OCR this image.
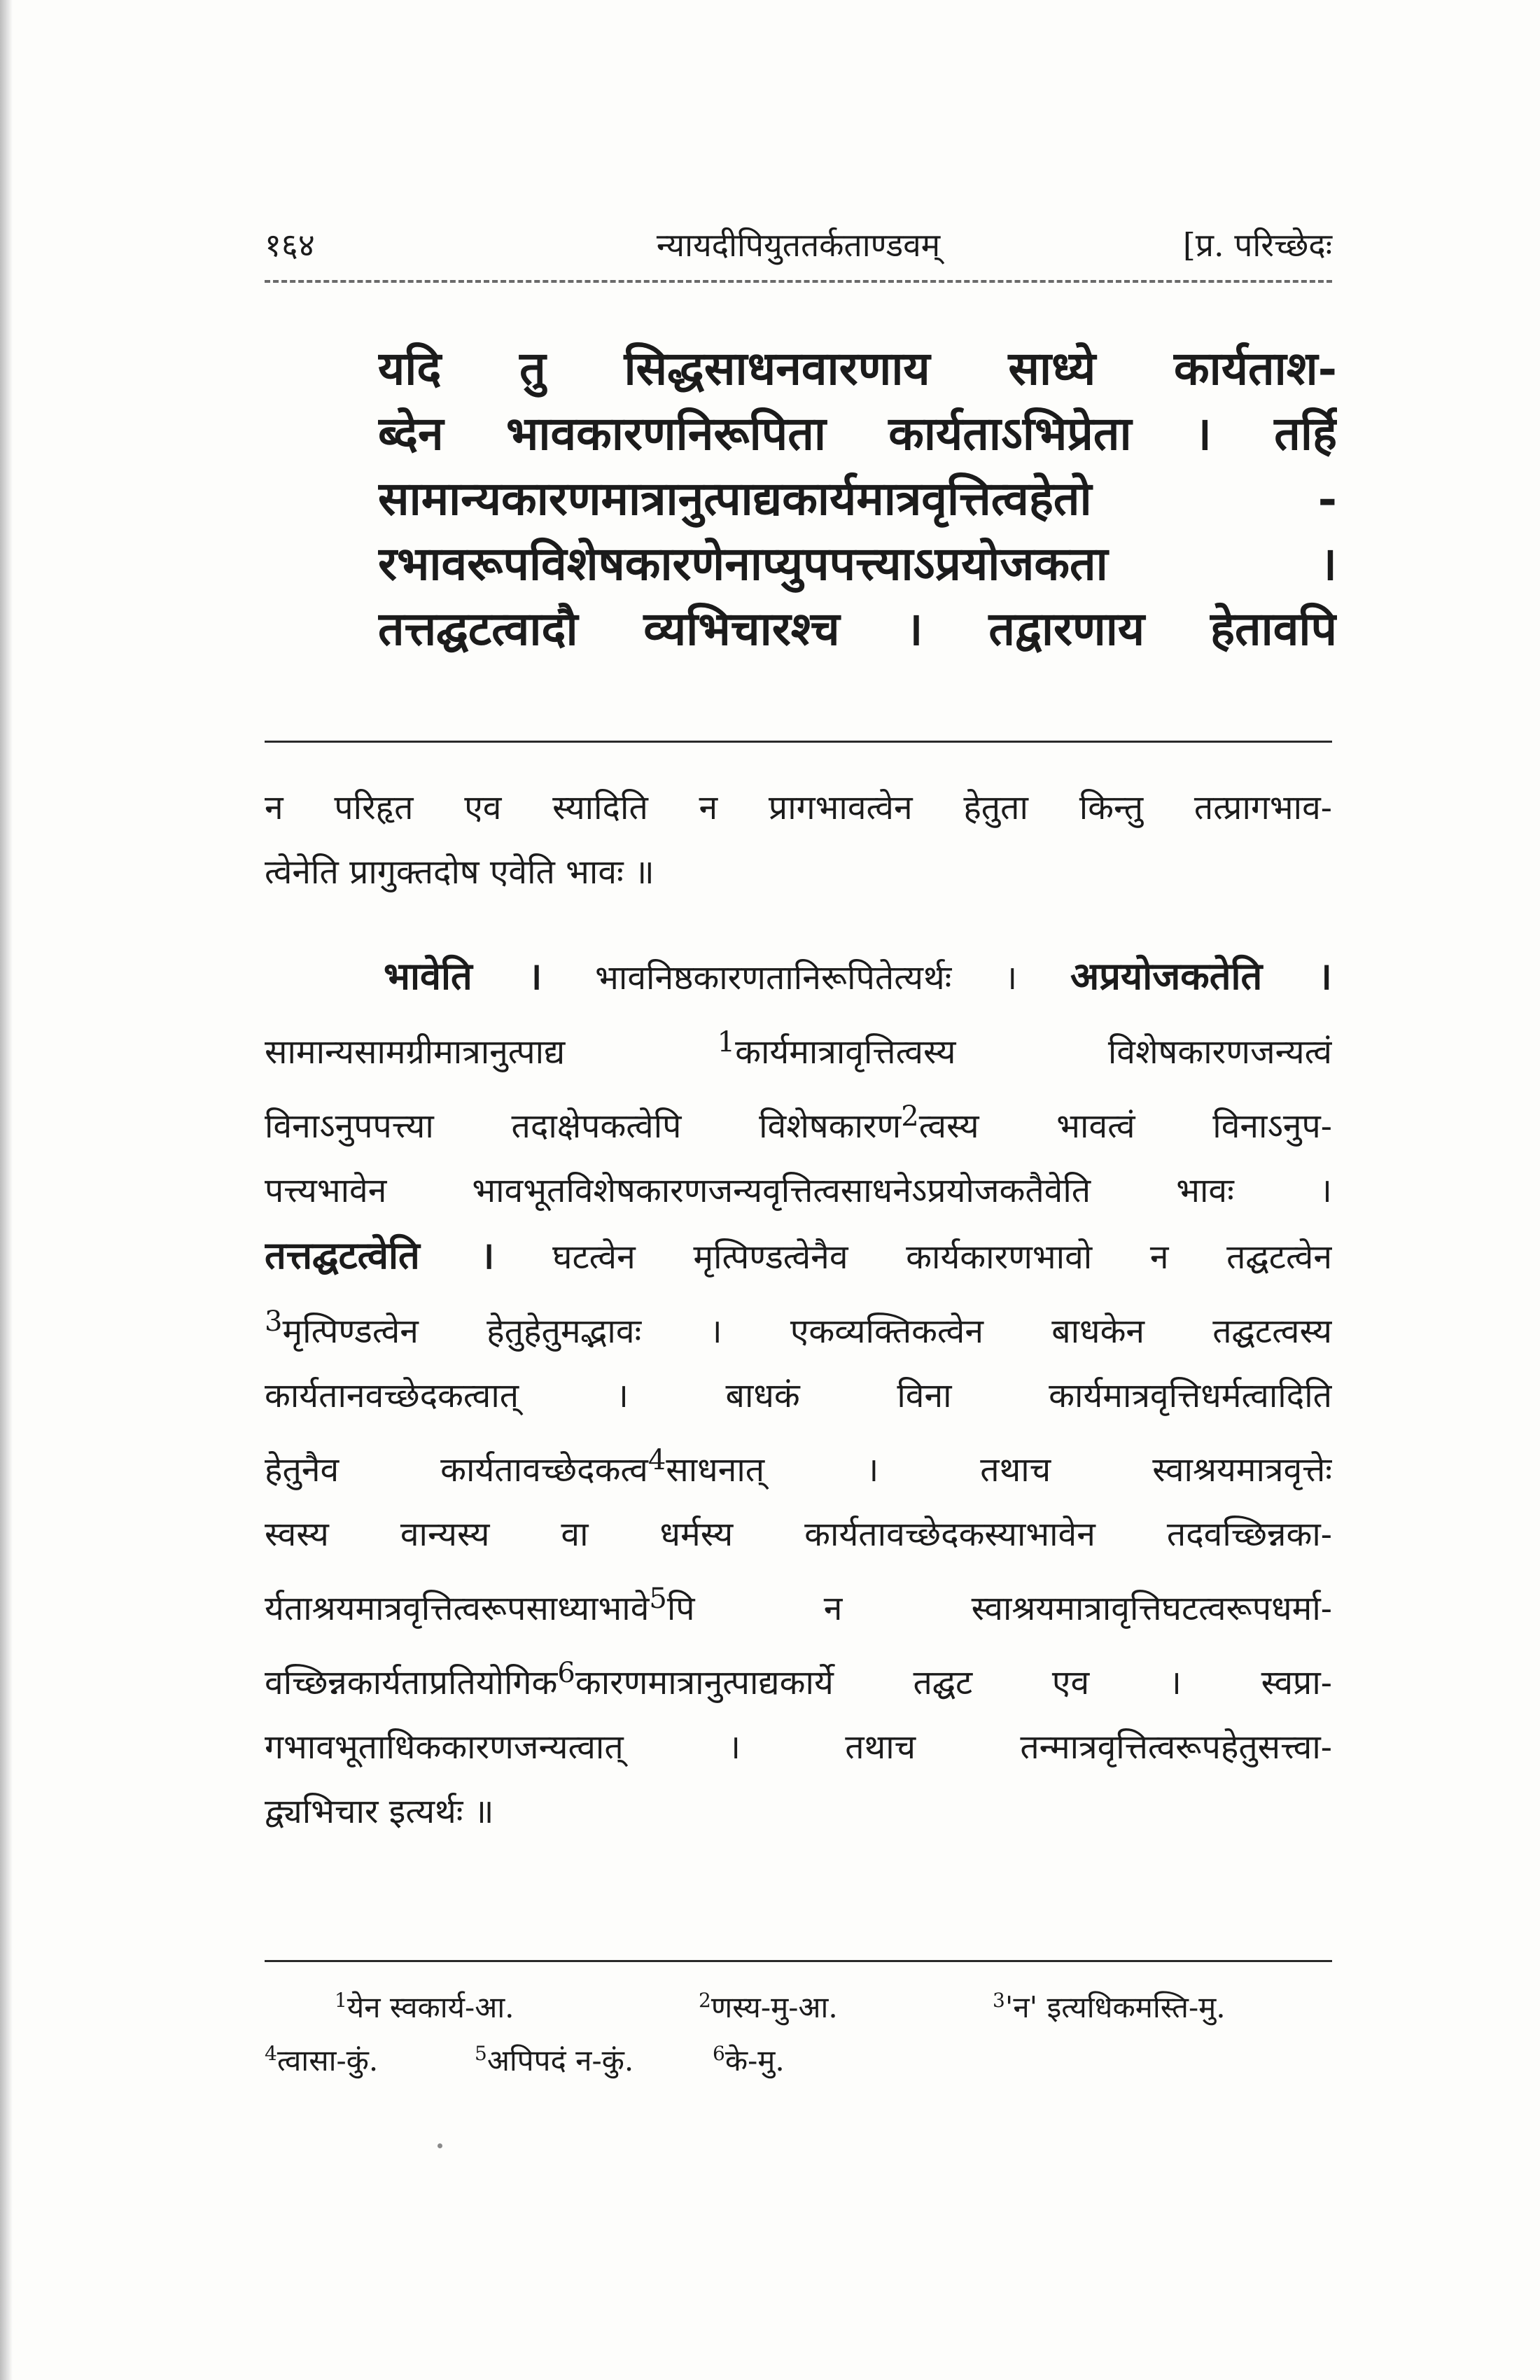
१६४	न्यायदीपियुततर्कताण्डवम्	[प्र. परिच्छेदः
यदि तु सिद्धसाधनवारणाय साध्ये कार्यताश-
ब्देन भावकारणनिरूपिता कार्यताऽभिप्रेता । तर्हि
सामान्यकारणमात्रानुत्पाद्यकार्यमात्रवृत्तित्वहेतो -
रभावरूपविशेषकारणेनाप्युपपत्त्याऽप्रयोजकता ।
तत्तद्घटत्वादौ व्यभिचारश्च । तद्वारणाय हेतावपि
न परिहृत एव स्यादिति न प्रागभावत्वेन हेतुता किन्तु तत्प्रागभाव-
त्वेनेति प्रागुक्तदोष एवेति भावः ॥
भावेति । भावनिष्ठकारणतानिरूपितेत्यर्थः । अप्रयोजकतेति ।
सामान्यसामग्रीमात्रानुत्पाद्य	$^1$कार्यमात्रावृत्तित्वस्य विशेषकारणजन्यत्वं
विनाऽनुपपत्त्या तदाक्षेपकत्वेपि विशेषकारण$^2$त्वस्य भावत्वं विनाऽनुप-
पत्त्यभावेन भावभूतविशेषकारणजन्यवृत्तित्वसाधनेऽप्रयोजकतैवेति भावः ।
तत्तद्घटत्वेति । घटत्वेन मृत्पिण्डत्वेनैव कार्यकारणभावो न तद्घटत्वेन
$^3$मृत्पिण्डत्वेन हेतुहेतुमद्भावः । एकव्यक्तिकत्वेन बाधकेन तद्घटत्वस्य
कार्यतानवच्छेदकत्वात् । बाधकं विना कार्यमात्रवृत्तिधर्मत्वादिति
हेतुनैव कार्यतावच्छेदकत्व$^4$साधनात् । तथाच स्वाश्रयमात्रवृत्तेः
स्वस्य वान्यस्य वा धर्मस्य कार्यतावच्छेदकस्याभावेन तदवच्छिन्नका-
र्यताश्रयमात्रवृत्तित्वरूपसाध्याभावे$^5$पि न स्वाश्रयमात्रावृत्तिघटत्वरूपधर्मा-
वच्छिन्नकार्यताप्रतियोगिक$^6$कारणमात्रानुत्पाद्यकार्ये तद्घट एव । स्वप्रा-
गभावभूताधिककारणजन्यत्वात् । तथाच तन्मात्रवृत्तित्वरूपहेतुसत्त्वा-
द्व्यभिचार इत्यर्थः ॥
$^1$येन स्वकार्य-आ.	$^2$णस्य-मु-आ.	$^3$'न' इत्यधिकमस्ति-मु.
$^4$त्वासा-कुं.	$^5$अपिपदं न-कुं.	$^6$के-मु.
